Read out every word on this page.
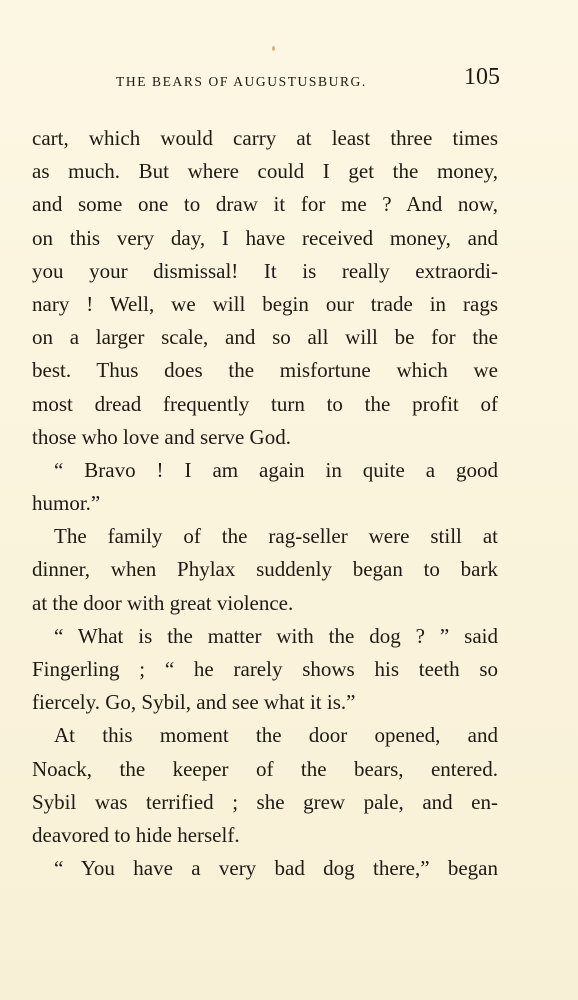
THE BEARS OF AUGUSTUSBURG.	105
cart, which would carry at least three times
as much. But where could I get the money,
and some one to draw it for me ? And now,
on this very day, I have received money, and
you your dismissal! It is really extraordi-
nary ! Well, we will begin our trade in rags
on a larger scale, and so all will be for the
best. Thus does the misfortune which we
most dread frequently turn to the profit of
those who love and serve God.
“ Bravo ! I am again in quite a good
humor.”
The family of the rag-seller were still at
dinner, when Phylax suddenly began to bark
at the door with great violence.
“ What is the matter with the dog ? ” said
Fingerling ; “ he rarely shows his teeth so
fiercely. Go, Sybil, and see what it is.”
At this moment the door opened, and
Noack, the keeper of the bears, entered.
Sybil was terrified ; she grew pale, and en-
deavored to hide herself.
“ You have a very bad dog there,” began
